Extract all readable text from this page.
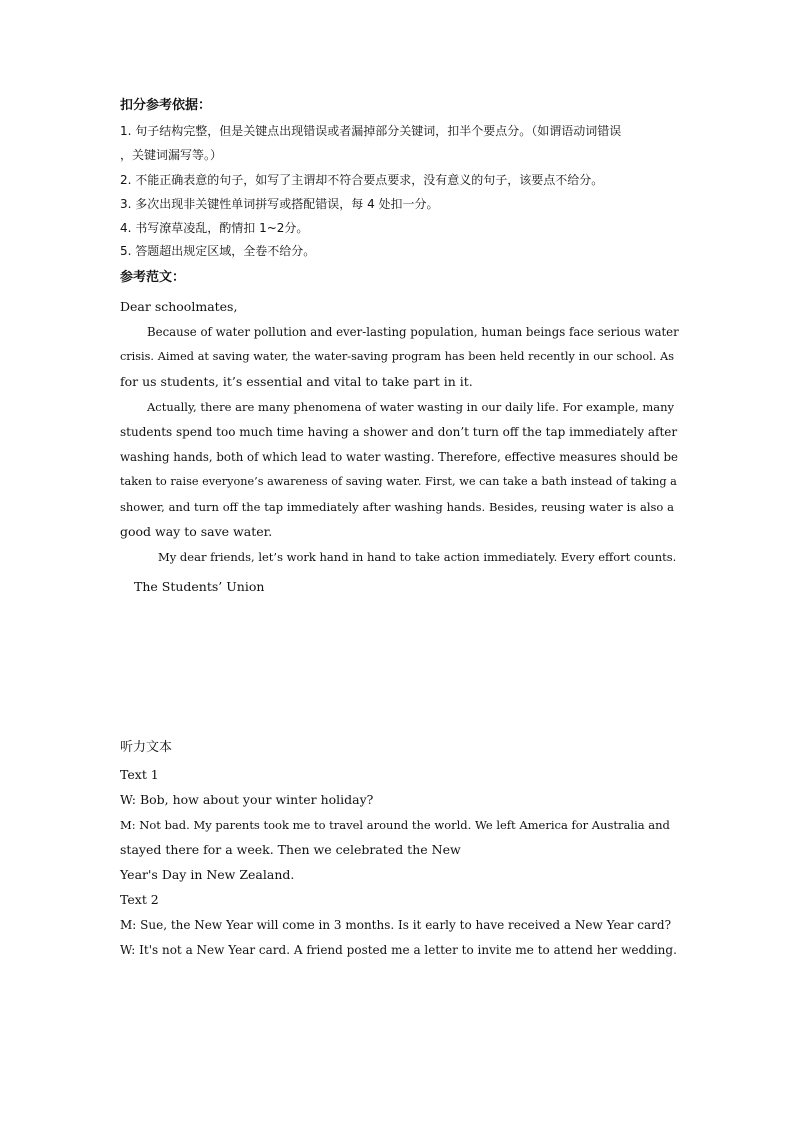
扣分参考依据：
1. 句子结构完整，但是关键点出现错误或者漏掉部分关键词，扣半个要点分。（如谓语动词错误
，关键词漏写等。）
2. 不能正确表意的句子，如写了主谓却不符合要点要求，没有意义的句子，该要点不给分。
3. 多次出现非关键性单词拼写或搭配错误，每 4 处扣一分。
4. 书写潦草凌乱，酌情扣 1~2分。
5. 答题超出规定区域，全卷不给分。
参考范文：
Dear schoolmates,
Because of water pollution and ever-lasting population, human beings face serious water
crisis. Aimed at saving water, the water-saving program has been held recently in our school. As
for us students, it’s essential and vital to take part in it.
Actually, there are many phenomena of water wasting in our daily life. For example, many
students spend too much time having a shower and don’t turn off the tap immediately after
washing hands, both of which lead to water wasting. Therefore, effective measures should be
taken to raise everyone’s awareness of saving water. First, we can take a bath instead of taking a
shower, and turn off the tap immediately after washing hands. Besides, reusing water is also a
good way to save water.
My dear friends, let’s work hand in hand to take action immediately. Every effort counts.
The Students’ Union
听力文本
Text 1
W: Bob, how about your winter holiday?
M: Not bad. My parents took me to travel around the world. We left America for Australia and
stayed there for a week. Then we celebrated the New
Year's Day in New Zealand.
Text 2
M: Sue, the New Year will come in 3 months. Is it early to have received a New Year card?
W: It's not a New Year card. A friend posted me a letter to invite me to attend her wedding.
